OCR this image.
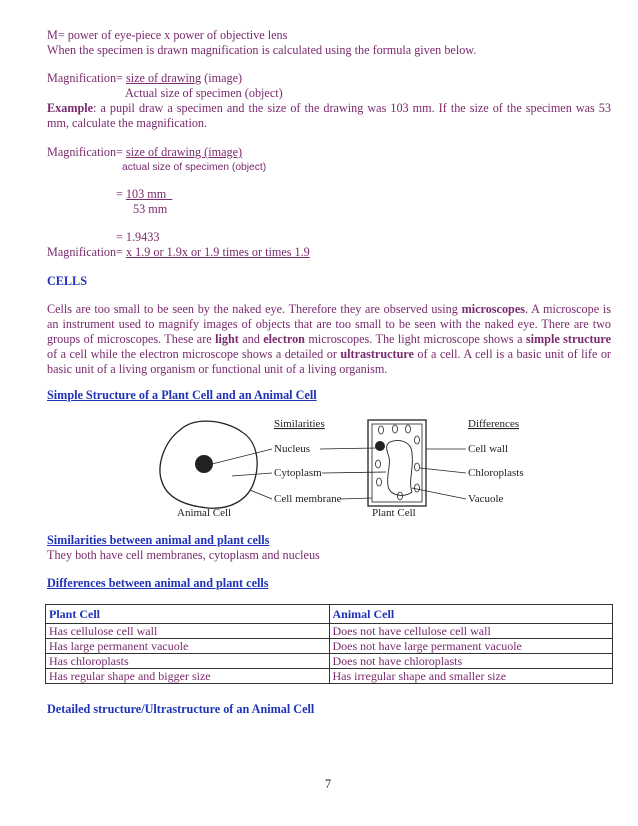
M= power of eye-piece x power of objective lens
When the specimen is drawn magnification is calculated using the formula given below.
Magnification= size of drawing (image)
Actual size of specimen (object)
Example: a pupil draw a specimen and the size of the drawing was 103 mm. If the size of the specimen was 53 mm, calculate the magnification.
Magnification= size of drawing (image)
actual size of specimen (object)
= 103 mm
53 mm
= 1.9433
Magnification= x 1.9 or 1.9x or 1.9 times or times 1.9
CELLS
Cells are too small to be seen by the naked eye. Therefore they are observed using microscopes. A microscope is an instrument used to magnify images of objects that are too small to be seen with the naked eye. There are two groups of microscopes. These are light and electron microscopes. The light microscope shows a simple structure of a cell while the electron microscope shows a detailed or ultrastructure of a cell. A cell is a basic unit of life or basic unit of a living organism or functional unit of a living organism.
Simple Structure of a Plant Cell and an Animal Cell
Animal Cell
Similarities
Nucleus
Cytoplasm
Cell membrane
Plant Cell
Differences
Cell wall
Chloroplasts
Vacuole
Similarities between animal and plant cells
They both have cell membranes, cytoplasm and nucleus
Differences between animal and plant cells
Plant Cell	Animal Cell
Has cellulose cell wall	Does not have cellulose cell wall
Has large permanent vacuole	Does not have large permanent vacuole
Has chloroplasts	Does not have chloroplasts
Has regular shape and bigger size	Has irregular shape and smaller size
Detailed structure/Ultrastructure of an Animal Cell
7
